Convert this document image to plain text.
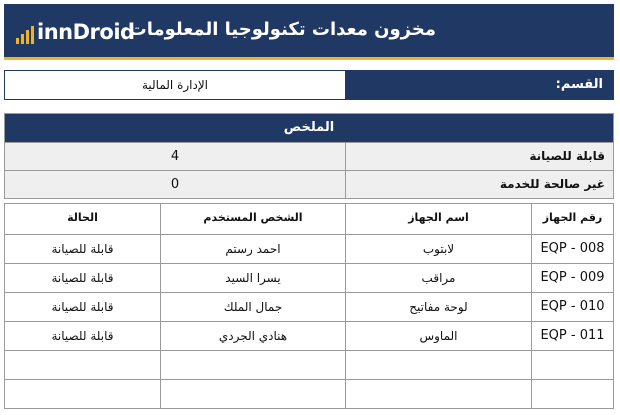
innDroid
مخزون معدات تكنولوجيا المعلومات
الإدارة المالية	القسم:
الملخص
4	قابلة للصيانة
0	غير صالحة للخدمة
الحالة	الشخص المستخدم	اسم الجهاز	رقم الجهاز
قابلة للصيانة	احمد رستم	لابتوب	EQP - 008
قابلة للصيانة	يسرا السيد	مراقب	EQP - 009
قابلة للصيانة	جمال الملك	لوحة مفاتيح	EQP - 010
قابلة للصيانة	هنادي الجردي	الماوس	EQP - 011
